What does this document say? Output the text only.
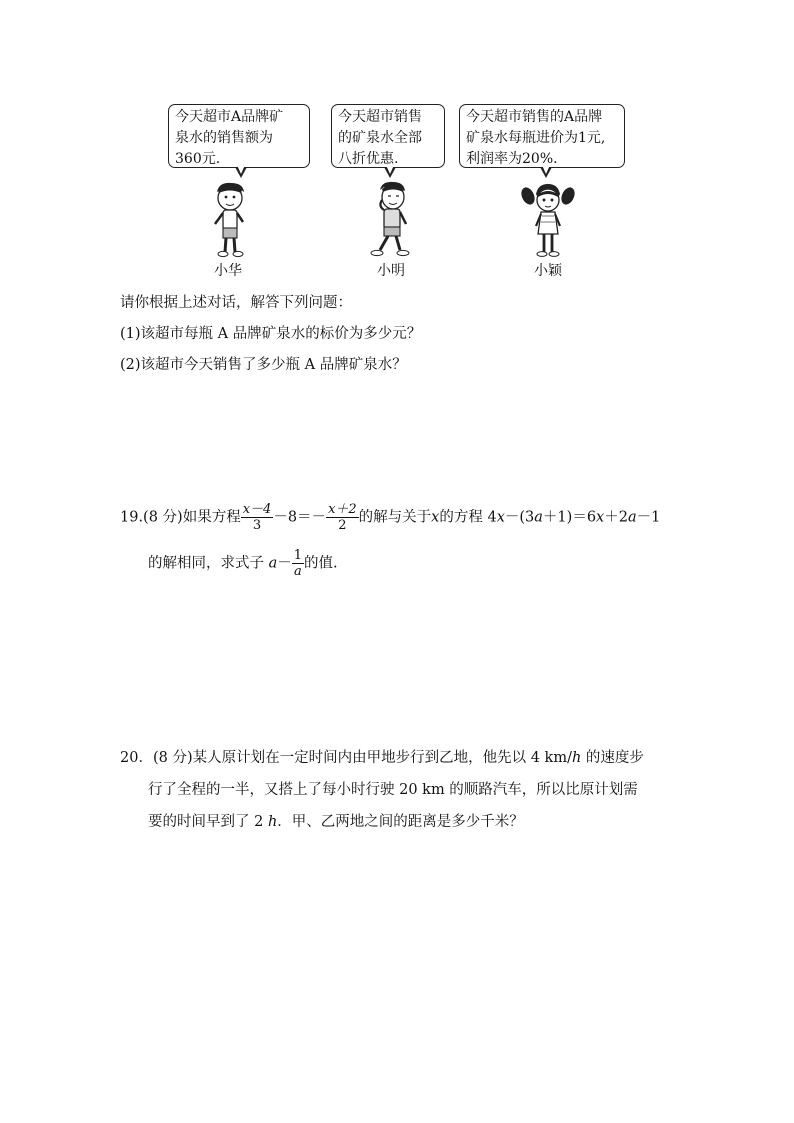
今天超市A品牌矿
泉水的销售额为
360元.
今天超市销售
的矿泉水全部
八折优惠.
今天超市销售的A品牌
矿泉水每瓶进价为1元,
利润率为20%.
小华	小明	小颖
请你根据上述对话，解答下列问题：
(1)该超市每瓶 A 品牌矿泉水的标价为多少元？
(2)该超市今天销售了多少瓶 A 品牌矿泉水？
19.(8 分)如果方程 $\frac{x-4}{3} -8=- \frac{x+2}{2}$ 的解与关于x的方程 4x－(3a＋1)＝6x＋2a－1
的解相同，求式子 $a- \frac{1}{a}$ 的值.
20．(8 分)某人原计划在一定时间内由甲地步行到乙地，他先以 4 km/h 的速度步
行了全程的一半，又搭上了每小时行驶 20 km 的顺路汽车，所以比原计划需
要的时间早到了 2 h．甲、乙两地之间的距离是多少千米？
